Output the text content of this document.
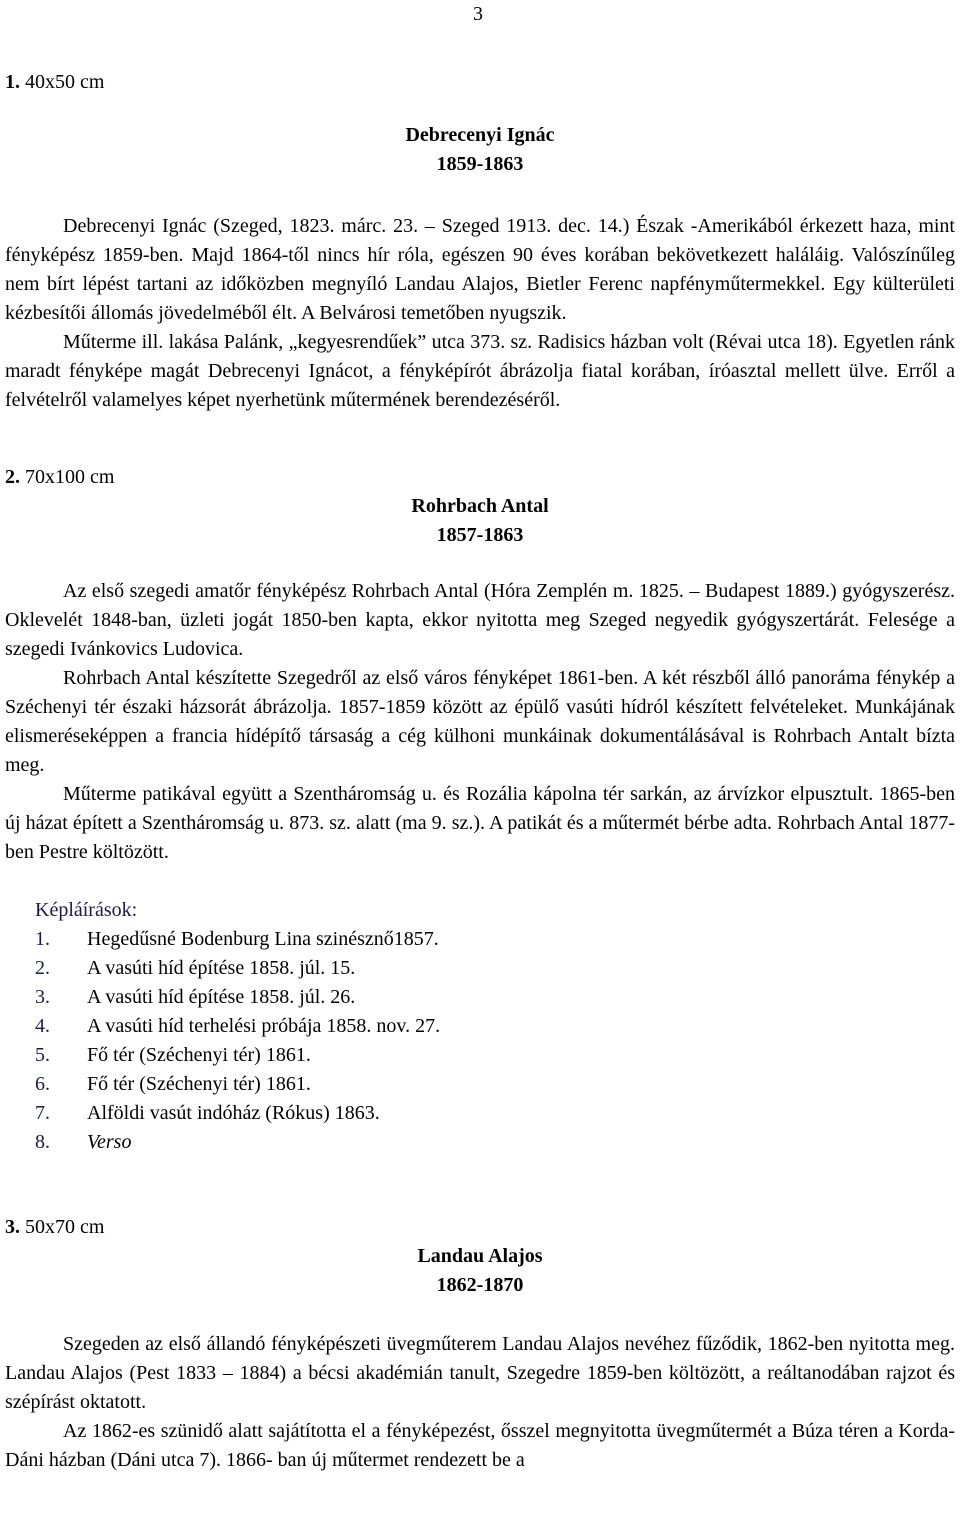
3

1. 40x50 cm

Debrecenyi Ignác

1859-1863

Debrecenyi Ignác (Szeged, 1823. márc. 23. – Szeged 1913. dec. 14.) Észak -Amerikából érkezett haza, mint fényképész 1859-ben. Majd 1864-től nincs hír róla, egészen 90 éves korában bekövetkezett haláláig. Valószínűleg nem bírt lépést tartani az időközben megnyíló Landau Alajos, Bietler Ferenc napfényműtermekkel. Egy külterületi kézbesítői állomás jövedelméből élt. A Belvárosi temetőben nyugszik.

Műterme ill. lakása Palánk, „kegyesrendűek” utca 373. sz. Radisics házban volt (Révai utca 18). Egyetlen ránk maradt fényképe magát Debrecenyi Ignácot, a fényképírót ábrázolja fiatal korában, íróasztal mellett ülve. Erről a felvételről valamelyes képet nyerhetünk műtermének berendezéséről.

2. 70x100 cm

Rohrbach Antal

1857-1863

Az első szegedi amatőr fényképész Rohrbach Antal (Hóra Zemplén m. 1825. – Budapest 1889.) gyógyszerész. Oklevelét 1848-ban, üzleti jogát 1850-ben kapta, ekkor nyitotta meg Szeged negyedik gyógyszertárát. Felesége a szegedi Ivánkovics Ludovica.

Rohrbach Antal készítette Szegedről az első város fényképet 1861-ben. A két részből álló panoráma fénykép a Széchenyi tér északi házsorát ábrázolja. 1857-1859 között az épülő vasúti hídról készített felvételeket. Munkájának elismeréseképpen a francia hídépítő társaság a cég külhoni munkáinak dokumentálásával is Rohrbach Antalt bízta meg.

Műterme patikával együtt a Szentháromság u. és Rozália kápolna tér sarkán, az árvízkor elpusztult. 1865-ben új házat épített a Szentháromság u. 873. sz. alatt (ma 9. sz.). A patikát és a műtermét bérbe adta. Rohrbach Antal 1877-ben Pestre költözött.

Képláírások:

1.	Hegedűsné Bodenburg Lina szinésznő1857.
2.	A vasúti híd építése 1858. júl. 15.
3.	A vasúti híd építése 1858. júl. 26.
4.	A vasúti híd terhelési próbája 1858. nov. 27.
5.	Fő tér (Széchenyi tér) 1861.
6.	Fő tér (Széchenyi tér) 1861.
7.	Alföldi vasút indóház (Rókus) 1863.
8.	Verso

3. 50x70 cm

Landau Alajos

1862-1870

Szegeden az első állandó fényképészeti üvegműterem Landau Alajos nevéhez fűződik, 1862-ben nyitotta meg. Landau Alajos (Pest 1833 – 1884) a bécsi akadémián tanult, Szegedre 1859-ben költözött, a reáltanodában rajzot és szépírást oktatott.

Az 1862-es szünidő alatt sajátította el a fényképezést, ősszel megnyitotta üvegműtermét a Búza téren a Korda-Dáni házban (Dáni utca 7). 1866- ban új műtermet rendezett be a
